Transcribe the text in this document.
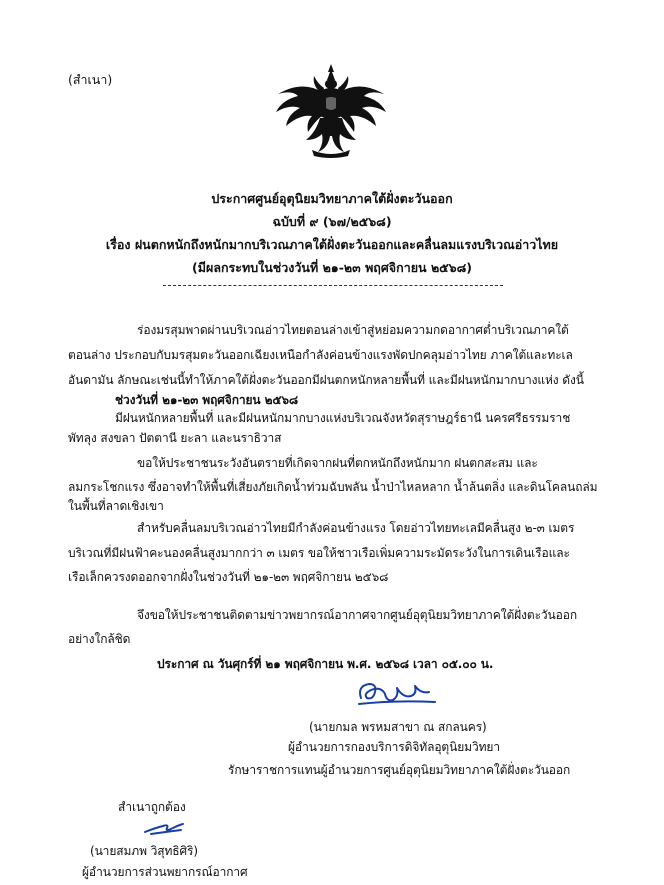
(สำเนา)
ประกาศศูนย์อุตุนิยมวิทยาภาคใต้ฝั่งตะวันออก
ฉบับที่ ๙ (๖๗/๒๕๖๘)
เรื่อง ฝนตกหนักถึงหนักมากบริเวณภาคใต้ฝั่งตะวันออกและคลื่นลมแรงบริเวณอ่าวไทย
(มีผลกระทบในช่วงวันที่ ๒๑-๒๓ พฤศจิกายน ๒๕๖๘)
ร่องมรสุมพาดผ่านบริเวณอ่าวไทยตอนล่างเข้าสู่หย่อมความกดอากาศต่ำบริเวณภาคใต้
ตอนล่าง ประกอบกับมรสุมตะวันออกเฉียงเหนือกำลังค่อนข้างแรงพัดปกคลุมอ่าวไทย ภาคใต้และทะเล
อันดามัน ลักษณะเช่นนี้ทำให้ภาคใต้ฝั่งตะวันออกมีฝนตกหนักหลายพื้นที่ และมีฝนหนักมากบางแห่ง ดังนี้
ช่วงวันที่ ๒๑-๒๓ พฤศจิกายน ๒๕๖๘
มีฝนหนักหลายพื้นที่ และมีฝนหนักมากบางแห่งบริเวณจังหวัดสุราษฎร์ธานี นครศรีธรรมราช
พัทลุง สงขลา ปัตตานี ยะลา และนราธิวาส
ขอให้ประชาชนระวังอันตรายที่เกิดจากฝนที่ตกหนักถึงหนักมาก ฝนตกสะสม และ
ลมกระโชกแรง ซึ่งอาจทำให้พื้นที่เสี่ยงภัยเกิดน้ำท่วมฉับพลัน น้ำป่าไหลหลาก น้ำล้นตลิ่ง และดินโคลนถล่ม
ในพื้นที่ลาดเชิงเขา
สำหรับคลื่นลมบริเวณอ่าวไทยมีกำลังค่อนข้างแรง โดยอ่าวไทยทะเลมีคลื่นสูง ๒-๓ เมตร
บริเวณที่มีฝนฟ้าคะนองคลื่นสูงมากกว่า ๓ เมตร ขอให้ชาวเรือเพิ่มความระมัดระวังในการเดินเรือและ
เรือเล็กควรงดออกจากฝั่งในช่วงวันที่ ๒๑-๒๓ พฤศจิกายน ๒๕๖๘
จึงขอให้ประชาชนติดตามข่าวพยากรณ์อากาศจากศูนย์อุตุนิยมวิทยาภาคใต้ฝั่งตะวันออก
อย่างใกล้ชิด
ประกาศ ณ วันศุกร์ที่ ๒๑ พฤศจิกายน พ.ศ. ๒๕๖๘ เวลา ๐๕.๐๐ น.
(นายกมล พรหมสาขา ณ สกลนคร)
ผู้อำนวยการกองบริการดิจิทัลอุตุนิยมวิทยา
รักษาราชการแทนผู้อำนวยการศูนย์อุตุนิยมวิทยาภาคใต้ฝั่งตะวันออก
สำเนาถูกต้อง
(นายสมภพ วิสุทธิศิริ)
ผู้อำนวยการส่วนพยากรณ์อากาศ
